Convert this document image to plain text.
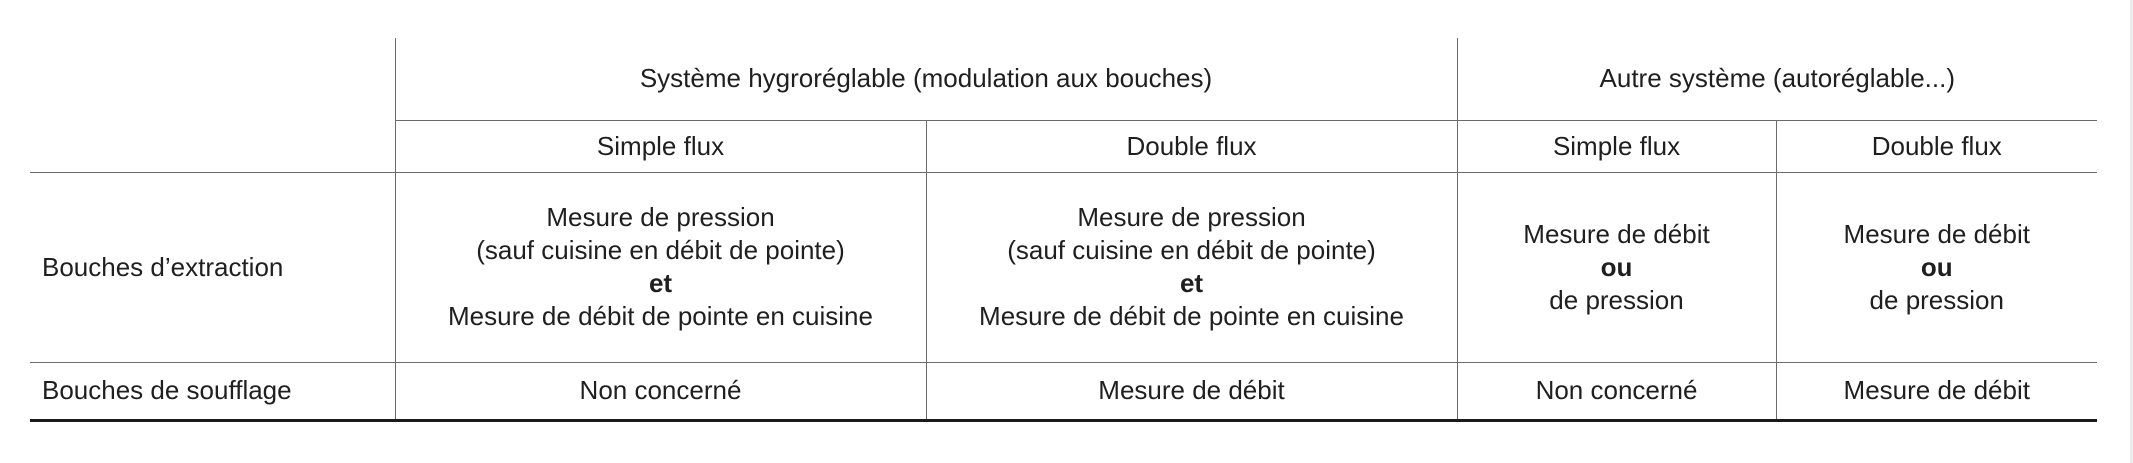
	Système hygroréglable (modulation aux bouches)		Autre système (autoréglable...)	
	Simple flux	Double flux	Simple flux	Double flux
Bouches d’extraction	Mesure de pression
(sauf cuisine en débit de pointe)
et
Mesure de débit de pointe en cuisine	Mesure de pression
(sauf cuisine en débit de pointe)
et
Mesure de débit de pointe en cuisine	Mesure de débit
ou
de pression	Mesure de débit
ou
de pression

Bouches de soufflage	Non concerné	Mesure de débit	Non concerné	Mesure de débit
